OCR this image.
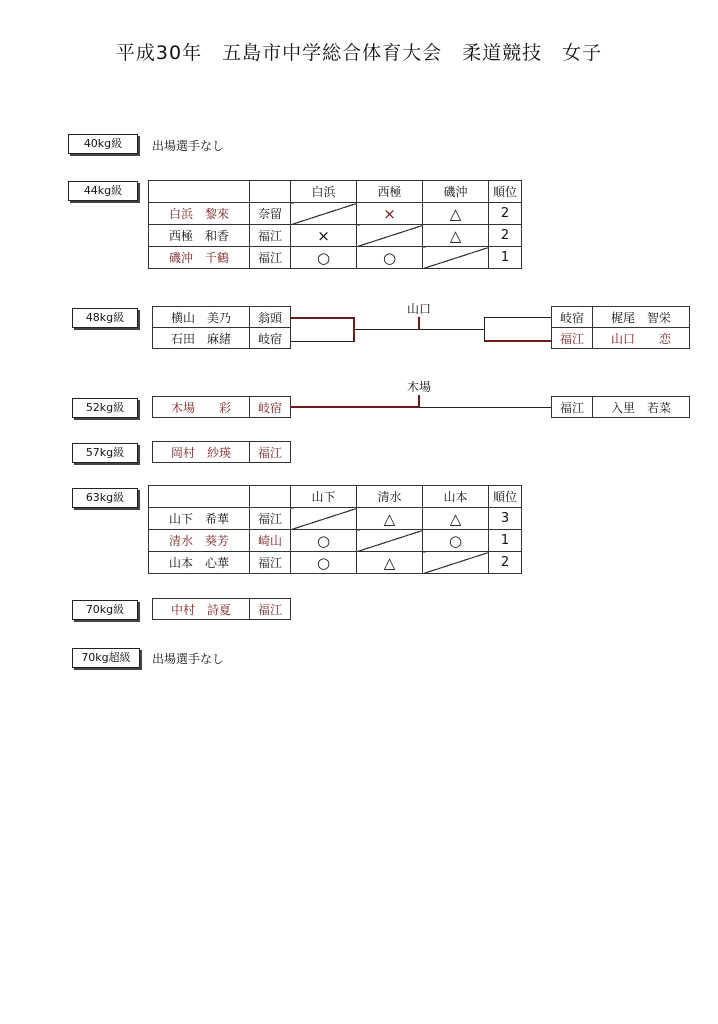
平成30年　五島市中学総合体育大会　柔道競技　女子
40kg級	出場選手なし
44kg級
			白浜	西極	磯沖	順位
白浜　黎來	奈留		×	△	2
西極　和香	福江	×		△	2
磯沖　千鶴	福江	○	○		1
48kg級	横山　美乃	翁頭
石田　麻緒	岐宿
岐宿	梶尾　智栄
福江	山口　　恋
山口
52kg級	木場　　彩	岐宿	福江	入里　若菜
木場
57kg級	岡村　紗瑛	福江
63kg級
			山下	清水	山本	順位
山下　希華	福江		△	△	3
清水　葵芳	崎山	○		○	1
山本　心華	福江	○	△		2
70kg級	中村　詩夏	福江
70kg超級	出場選手なし
